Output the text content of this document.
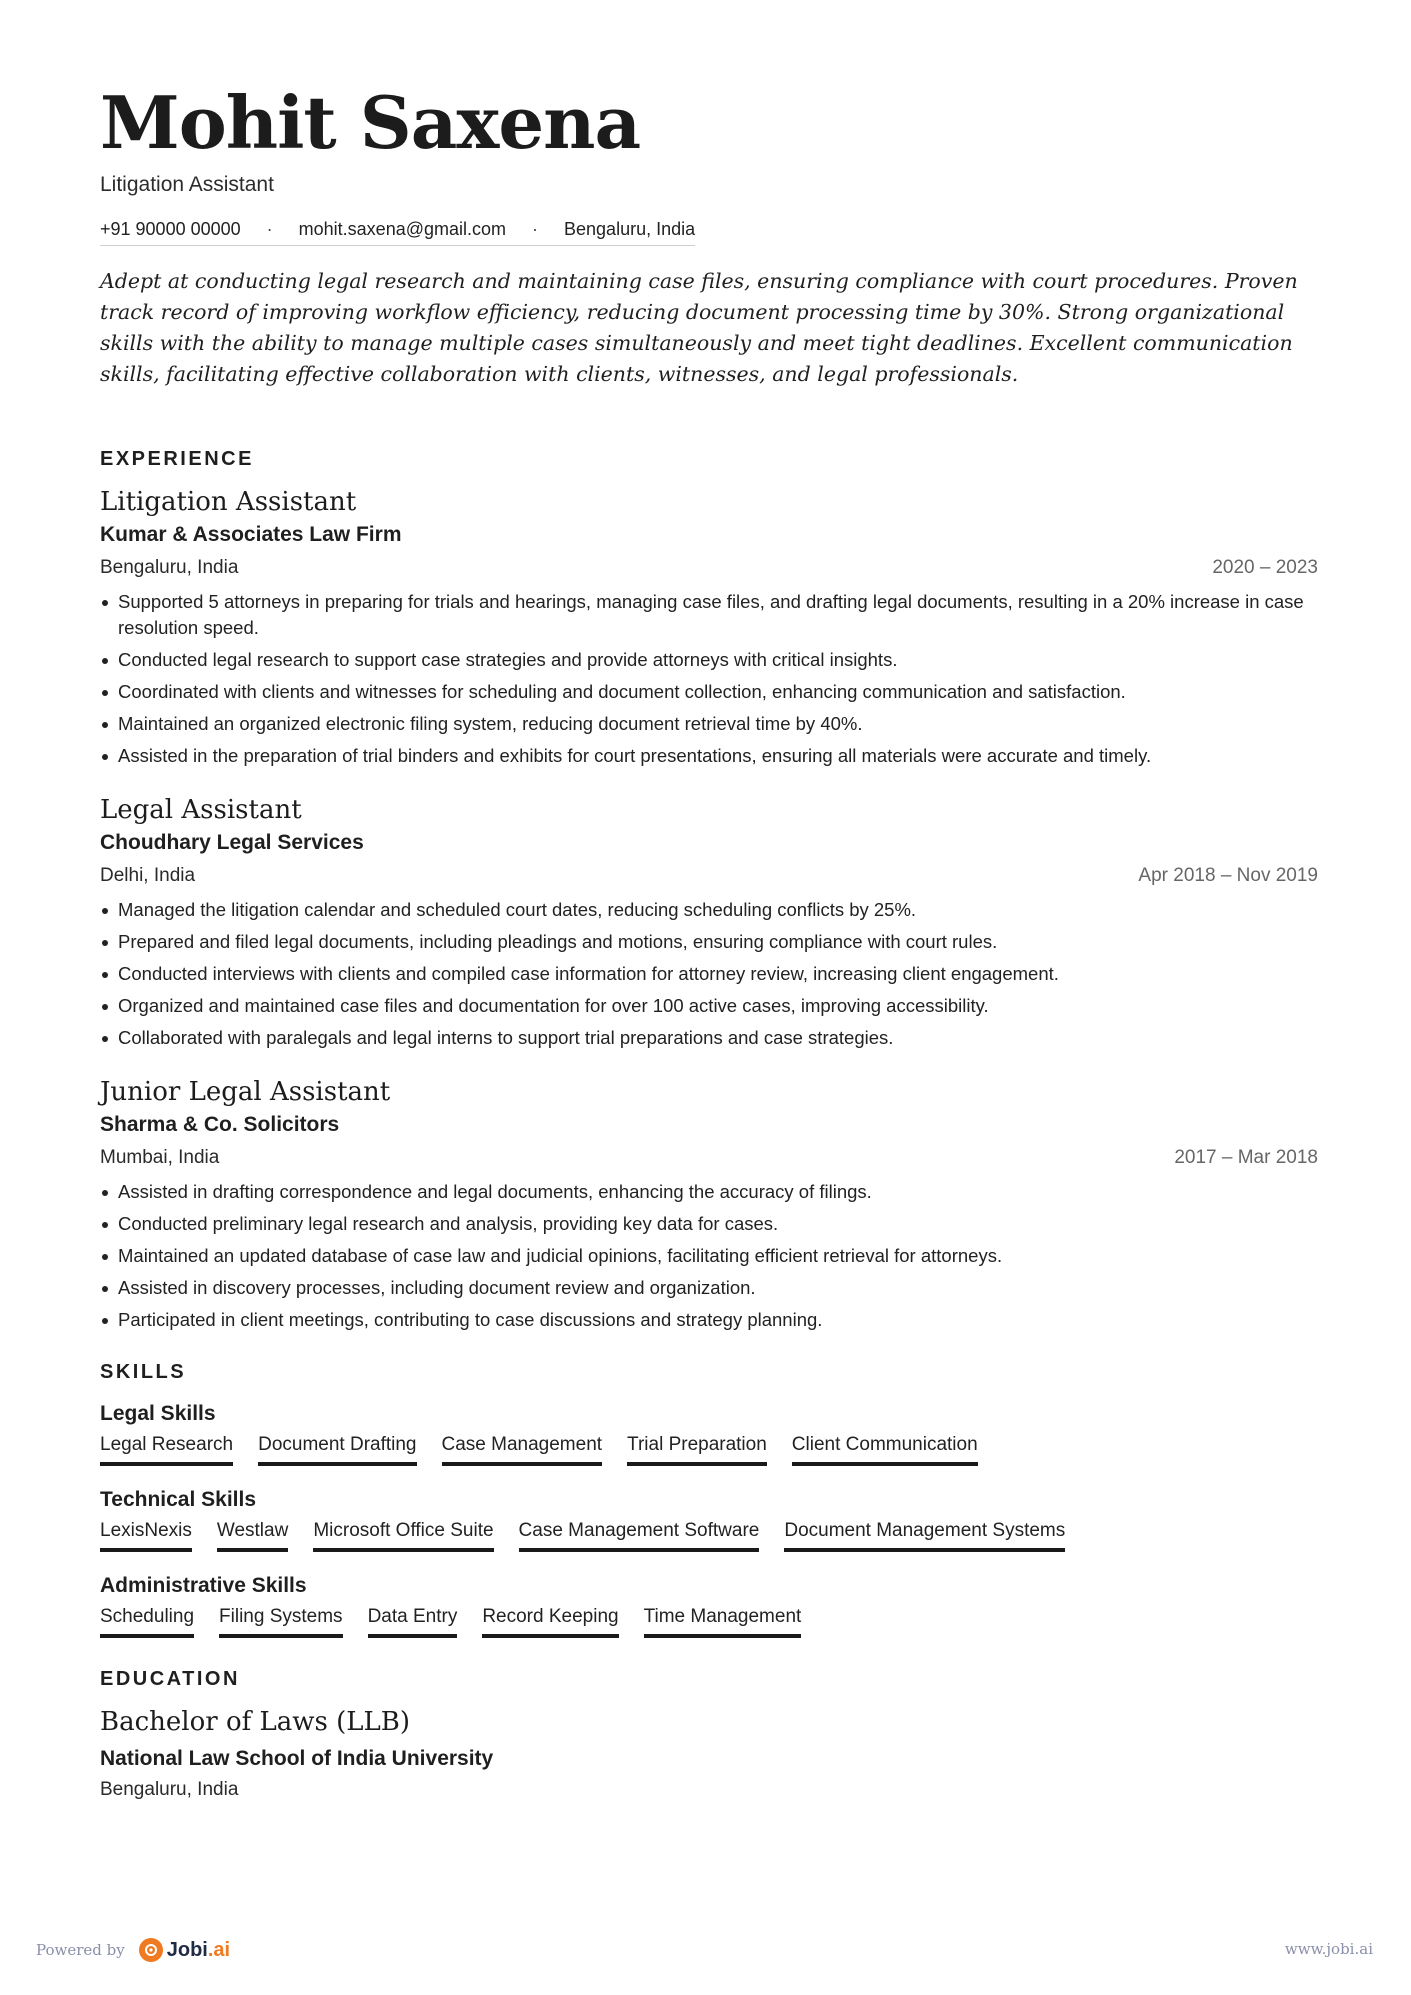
Mohit Saxena
Litigation Assistant
+91 90000 00000 · mohit.saxena@gmail.com · Bengaluru, India

Adept at conducting legal research and maintaining case files, ensuring compliance with court procedures. Proven track record of improving workflow efficiency, reducing document processing time by 30%. Strong organizational skills with the ability to manage multiple cases simultaneously and meet tight deadlines. Excellent communication skills, facilitating effective collaboration with clients, witnesses, and legal professionals.

EXPERIENCE
Litigation Assistant
Kumar & Associates Law Firm
Bengaluru, India	2020 – 2023
Supported 5 attorneys in preparing for trials and hearings, managing case files, and drafting legal documents, resulting in a 20% increase in case resolution speed.
Conducted legal research to support case strategies and provide attorneys with critical insights.
Coordinated with clients and witnesses for scheduling and document collection, enhancing communication and satisfaction.
Maintained an organized electronic filing system, reducing document retrieval time by 40%.
Assisted in the preparation of trial binders and exhibits for court presentations, ensuring all materials were accurate and timely.
Legal Assistant
Choudhary Legal Services
Delhi, India	Apr 2018 – Nov 2019
Managed the litigation calendar and scheduled court dates, reducing scheduling conflicts by 25%.
Prepared and filed legal documents, including pleadings and motions, ensuring compliance with court rules.
Conducted interviews with clients and compiled case information for attorney review, increasing client engagement.
Organized and maintained case files and documentation for over 100 active cases, improving accessibility.
Collaborated with paralegals and legal interns to support trial preparations and case strategies.
Junior Legal Assistant
Sharma & Co. Solicitors
Mumbai, India	2017 – Mar 2018
Assisted in drafting correspondence and legal documents, enhancing the accuracy of filings.
Conducted preliminary legal research and analysis, providing key data for cases.
Maintained an updated database of case law and judicial opinions, facilitating efficient retrieval for attorneys.
Assisted in discovery processes, including document review and organization.
Participated in client meetings, contributing to case discussions and strategy planning.
SKILLS
Legal Skills
Legal Research Document Drafting Case Management Trial Preparation Client Communication
Technical Skills
LexisNexis Westlaw Microsoft Office Suite Case Management Software Document Management Systems
Administrative Skills
Scheduling Filing Systems Data Entry Record Keeping Time Management
EDUCATION
Bachelor of Laws (LLB)
National Law School of India University
Bengaluru, India
Powered by Jobi.ai	www.jobi.ai
